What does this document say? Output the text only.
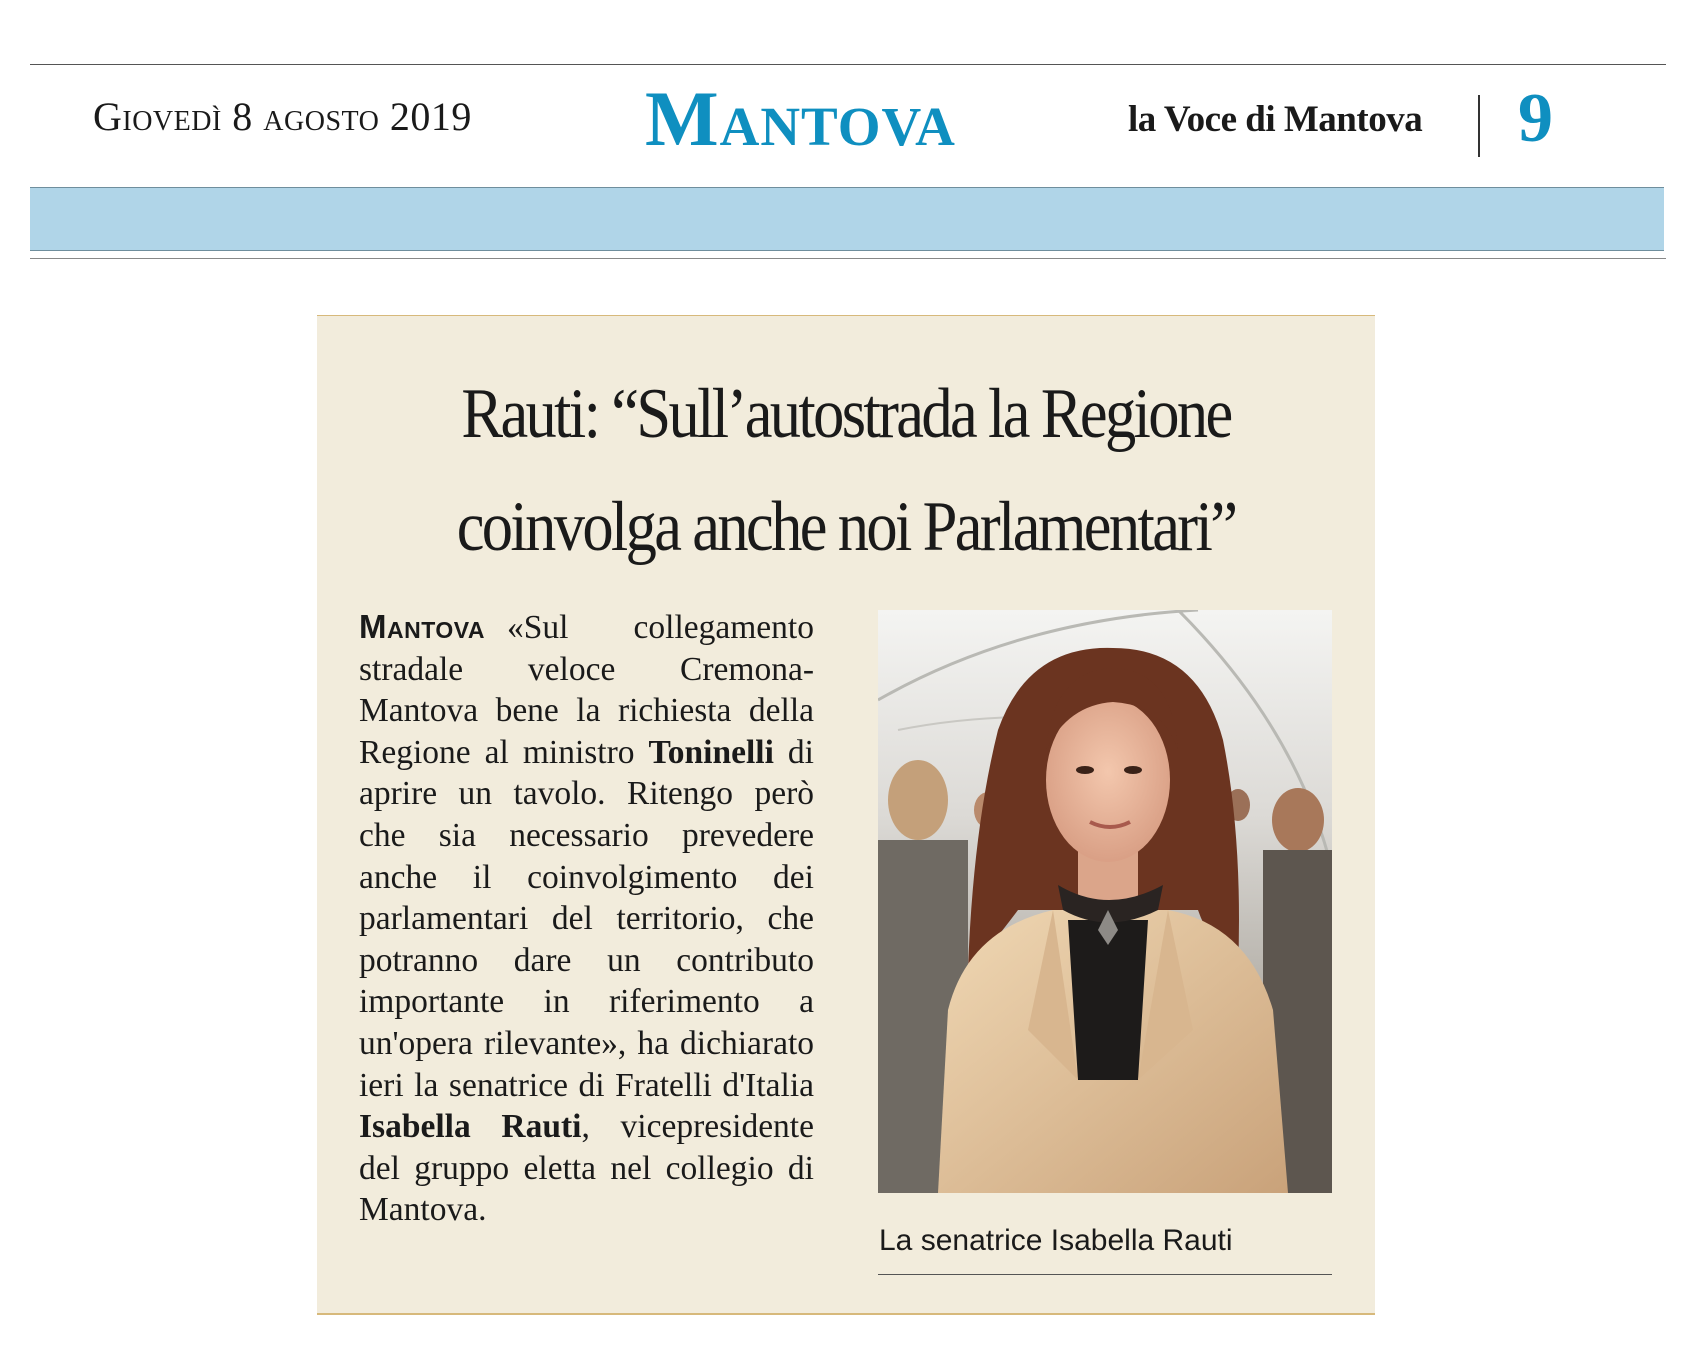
Giovedì 8 agosto 2019 Mantova	la Voce di Mantova 9
Rauti: “Sull’autostrada la Regione
coinvolga anche noi Parlamentari”
Mantova «Sul collegamento stradale veloce Cremona-Mantova bene la richiesta della Regione al ministro Toninelli di aprire un tavolo. Ritengo però che sia necessario prevedere anche il coinvolgimento dei parlamentari del territorio, che potranno dare un contributo importante in riferimento a un'opera rilevante», ha dichiarato ieri la senatrice di Fratelli d'Italia Isabella Rauti, vicepresidente del gruppo eletta nel collegio di Mantova.
La senatrice Isabella Rauti
